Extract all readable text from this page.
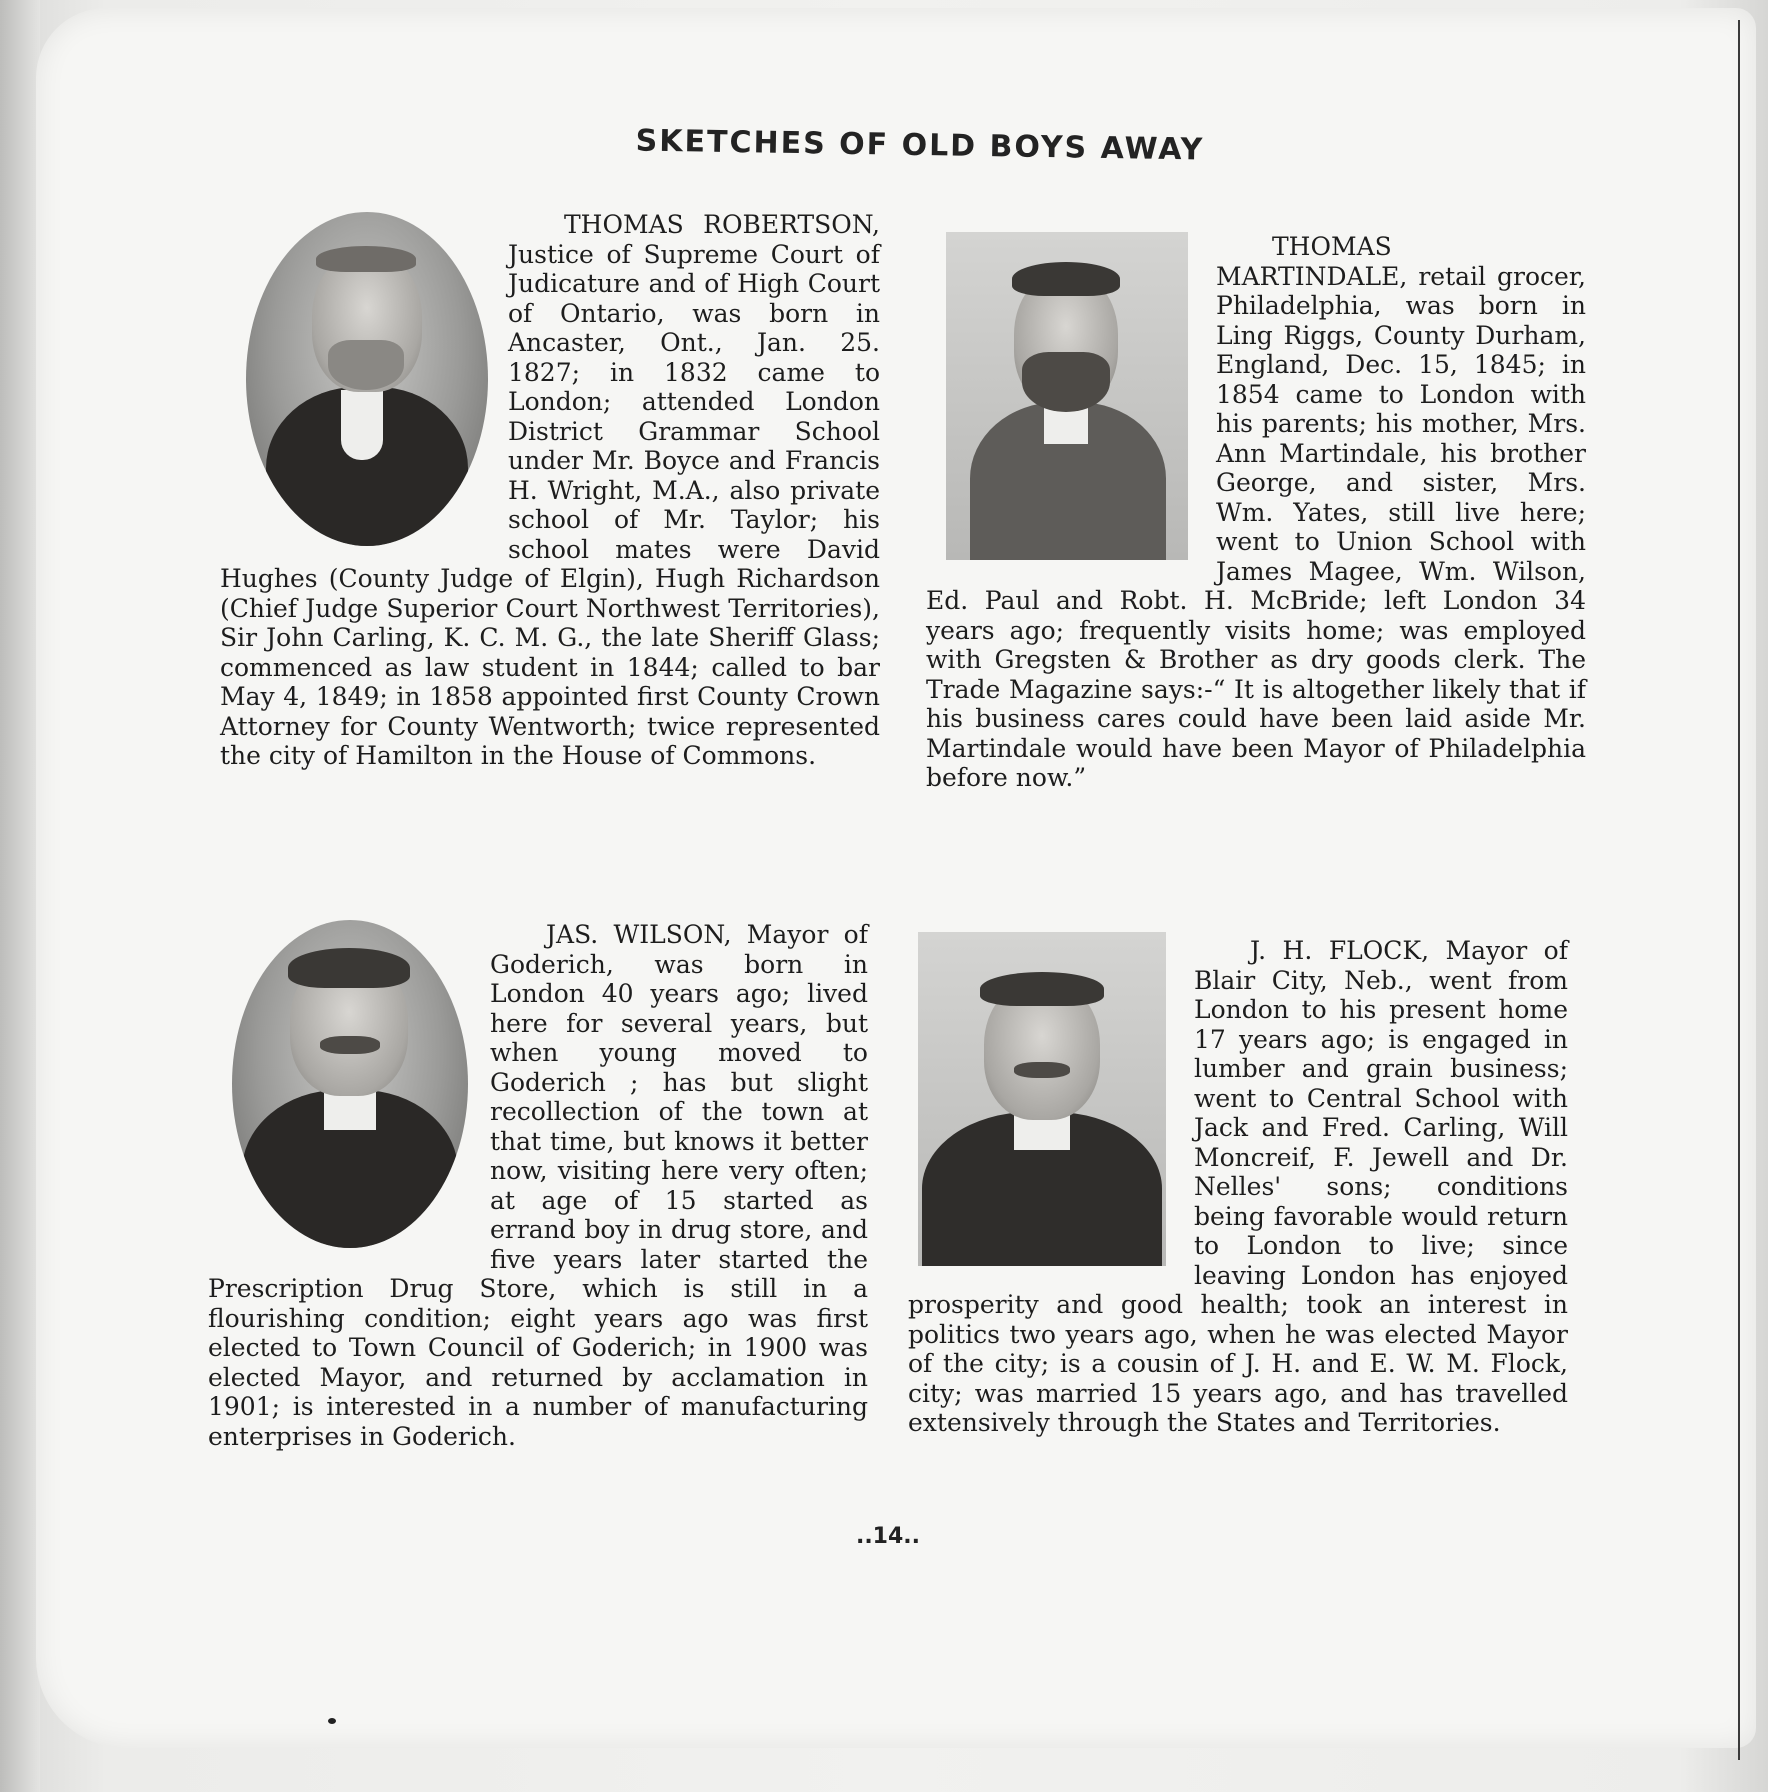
SKETCHES OF OLD BOYS AWAY

THOMAS ROBERTSON, Justice of Supreme Court of Judicature and of High Court of Ontario, was born in Ancaster, Ont., Jan. 25. 1827; in 1832 came to London; attended London District Grammar School under Mr. Boyce and Francis H. Wright, M.A., also private school of Mr. Taylor; his school mates were David Hughes (County Judge of Elgin), Hugh Richardson (Chief Judge Superior Court Northwest Territories), Sir John Carling, K. C. M. G., the late Sheriff Glass; commenced as law student in 1844; called to bar May 4, 1849; in 1858 appointed first County Crown Attorney for County Wentworth; twice represented the city of Hamilton in the House of Commons.

THOMAS MARTINDALE, retail grocer, Philadelphia, was born in Ling Riggs, County Durham, England, Dec. 15, 1845; in 1854 came to London with his parents; his mother, Mrs. Ann Martindale, his brother George, and sister, Mrs. Wm. Yates, still live here; went to Union School with James Magee, Wm. Wilson, Ed. Paul and Robt. H. McBride; left London 34 years ago; frequently visits home; was employed with Gregsten & Brother as dry goods clerk. The Trade Magazine says:-“ It is altogether likely that if his business cares could have been laid aside Mr. Martindale would have been Mayor of Philadelphia before now.”

JAS. WILSON, Mayor of Goderich, was born in London 40 years ago; lived here for several years, but when young moved to Goderich ; has but slight recollection of the town at that time, but knows it better now, visiting here very often; at age of 15 started as errand boy in drug store, and five years later started the Prescription Drug Store, which is still in a flourishing condition; eight years ago was first elected to Town Council of Goderich; in 1900 was elected Mayor, and returned by acclamation in 1901; is interested in a number of manufacturing enterprises in Goderich.

J. H. FLOCK, Mayor of Blair City, Neb., went from London to his present home 17 years ago; is engaged in lumber and grain business; went to Central School with Jack and Fred. Carling, Will Moncreif, F. Jewell and Dr. Nelles' sons; conditions being favorable would return to London to live; since leaving London has enjoyed prosperity and good health; took an interest in politics two years ago, when he was elected Mayor of the city; is a cousin of J. H. and E. W. M. Flock, city; was married 15 years ago, and has travelled extensively through the States and Territories.

..14..
